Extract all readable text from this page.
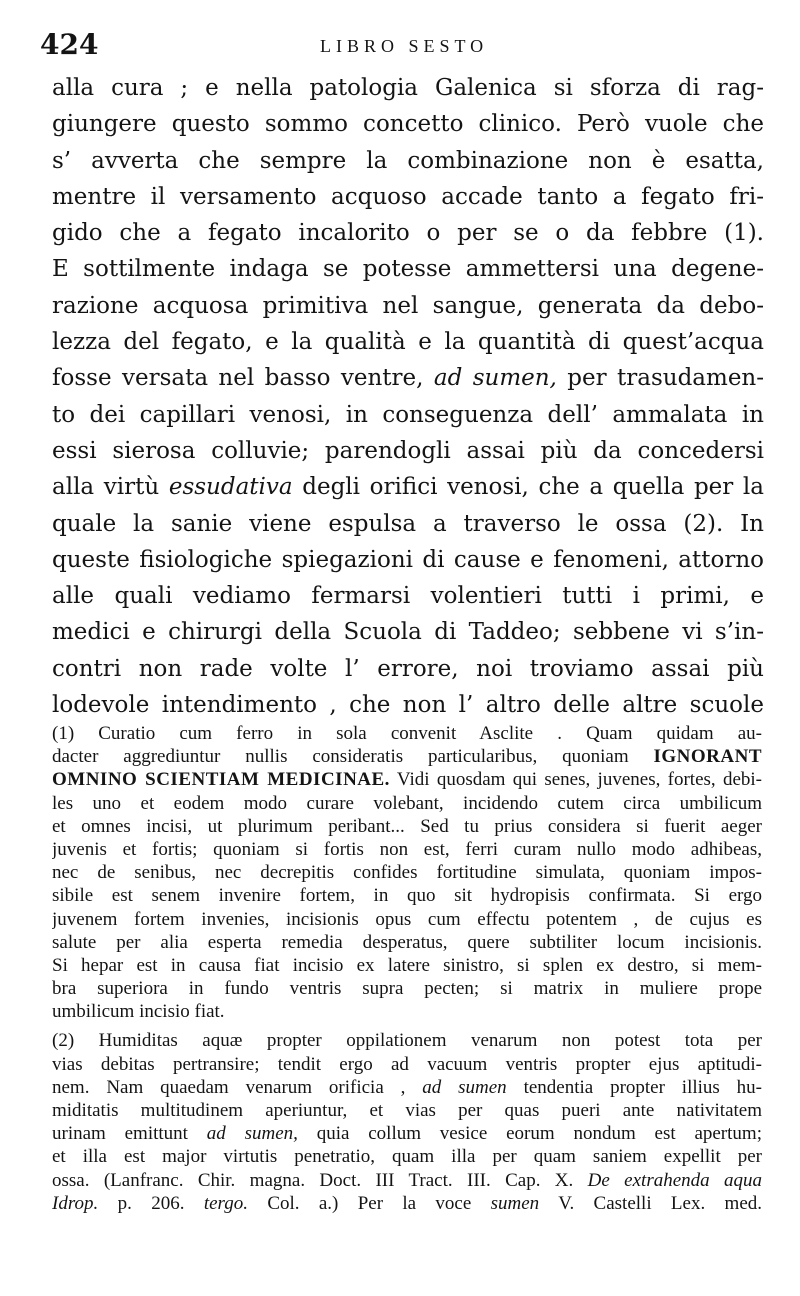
424	LIBRO SESTO
alla cura ; e nella patologia Galenica si sforza di rag-
giungere questo sommo concetto clinico. Però vuole che
s’ avverta che sempre la combinazione non è esatta,
mentre il versamento acquoso accade tanto a fegato fri-
gido che a fegato incalorito o per se o da febbre (1).
E sottilmente indaga se potesse ammettersi una degene-
razione acquosa primitiva nel sangue, generata da debo-
lezza del fegato, e la qualità e la quantità di quest’acqua
fosse versata nel basso ventre, ad sumen, per trasudamen-
to dei capillari venosi, in conseguenza dell’ ammalata in
essi sierosa colluvie; parendogli assai più da concedersi
alla virtù essudativa degli orifici venosi, che a quella per la
quale la sanie viene espulsa a traverso le ossa (2). In
queste fisiologiche spiegazioni di cause e fenomeni, attorno
alle quali vediamo fermarsi volentieri tutti i primi, e
medici e chirurgi della Scuola di Taddeo; sebbene vi s’in-
contri non rade volte l’ errore, noi troviamo assai più
lodevole intendimento , che non l’ altro delle altre scuole
(1) Curatio cum ferro in sola convenit Asclite . Quam quidam au-
dacter aggrediuntur nullis consideratis particularibus, quoniam IGNORANT
OMNINO SCIENTIAM MEDICINAE. Vidi quosdam qui senes, juvenes, fortes, debi-
les uno et eodem modo curare volebant, incidendo cutem circa umbilicum
et omnes incisi, ut plurimum peribant... Sed tu prius considera si fuerit aeger
juvenis et fortis; quoniam si fortis non est, ferri curam nullo modo adhibeas,
nec de senibus, nec decrepitis confides fortitudine simulata, quoniam impos-
sibile est senem invenire fortem, in quo sit hydropisis confirmata. Si ergo
juvenem fortem invenies, incisionis opus cum effectu potentem , de cujus es
salute per alia esperta remedia desperatus, quere subtiliter locum incisionis.
Si hepar est in causa fiat incisio ex latere sinistro, si splen ex destro, si mem-
bra superiora in fundo ventris supra pecten; si matrix in muliere prope
umbilicum incisio fiat.
(2) Humiditas aquæ propter oppilationem venarum non potest tota per
vias debitas pertransire; tendit ergo ad vacuum ventris propter ejus aptitudi-
nem. Nam quaedam venarum orificia , ad sumen tendentia propter illius hu-
miditatis multitudinem aperiuntur, et vias per quas pueri ante nativitatem
urinam emittunt ad sumen, quia collum vesice eorum nondum est apertum;
et illa est major virtutis penetratio, quam illa per quam saniem expellit per
ossa. (Lanfranc. Chir. magna. Doct. III Tract. III. Cap. X. De extrahenda aqua
Idrop. p. 206. tergo. Col. a.) Per la voce sumen V. Castelli Lex. med.
